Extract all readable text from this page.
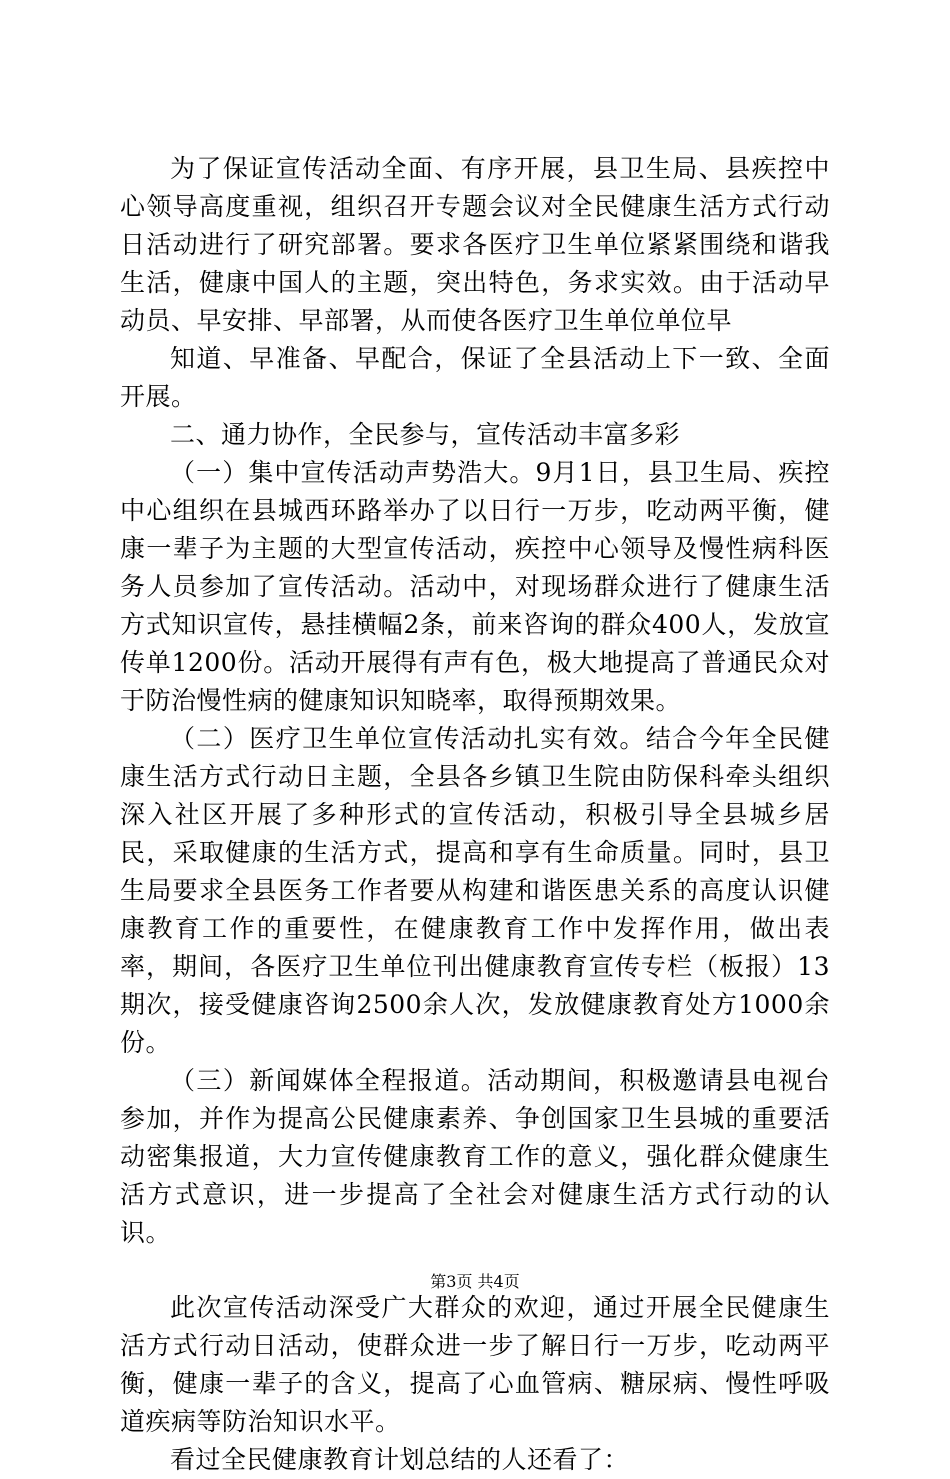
为了保证宣传活动全面、有序开展，县卫生局、县疾控中心领导高度重视，组织召开专题会议对全民健康生活方式行动日活动进行了研究部署。要求各医疗卫生单位紧紧围绕和谐我生活，健康中国人的主题，突出特色，务求实效。由于活动早动员、早安排、早部署，从而使各医疗卫生单位单位早

知道、早准备、早配合，保证了全县活动上下一致、全面开展。

二、通力协作，全民参与，宣传活动丰富多彩

（一）集中宣传活动声势浩大。9月1日，县卫生局、疾控中心组织在县城西环路举办了以日行一万步，吃动两平衡，健康一辈子为主题的大型宣传活动，疾控中心领导及慢性病科医务人员参加了宣传活动。活动中，对现场群众进行了健康生活方式知识宣传，悬挂横幅2条，前来咨询的群众400人，发放宣传单1200份。活动开展得有声有色，极大地提高了普通民众对于防治慢性病的健康知识知晓率，取得预期效果。

（二）医疗卫生单位宣传活动扎实有效。结合今年全民健康生活方式行动日主题，全县各乡镇卫生院由防保科牵头组织深入社区开展了多种形式的宣传活动，积极引导全县城乡居民，采取健康的生活方式，提高和享有生命质量。同时，县卫生局要求全县医务工作者要从构建和谐医患关系的高度认识健康教育工作的重要性，在健康教育工作中发挥作用，做出表率，期间，各医疗卫生单位刊出健康教育宣传专栏（板报）13期次，接受健康咨询2500余人次，发放健康教育处方1000余份。

（三）新闻媒体全程报道。活动期间，积极邀请县电视台参加，并作为提高公民健康素养、争创国家卫生县城的重要活动密集报道，大力宣传健康教育工作的意义，强化群众健康生活方式意识，进一步提高了全社会对健康生活方式行动的认识。

此次宣传活动深受广大群众的欢迎，通过开展全民健康生活方式行动日活动，使群众进一步了解日行一万步，吃动两平衡，健康一辈子的含义，提高了心血管病、糖尿病、慢性呼吸道疾病等防治知识水平。

看过全民健康教育计划总结的人还看了：

第3页 共4页
